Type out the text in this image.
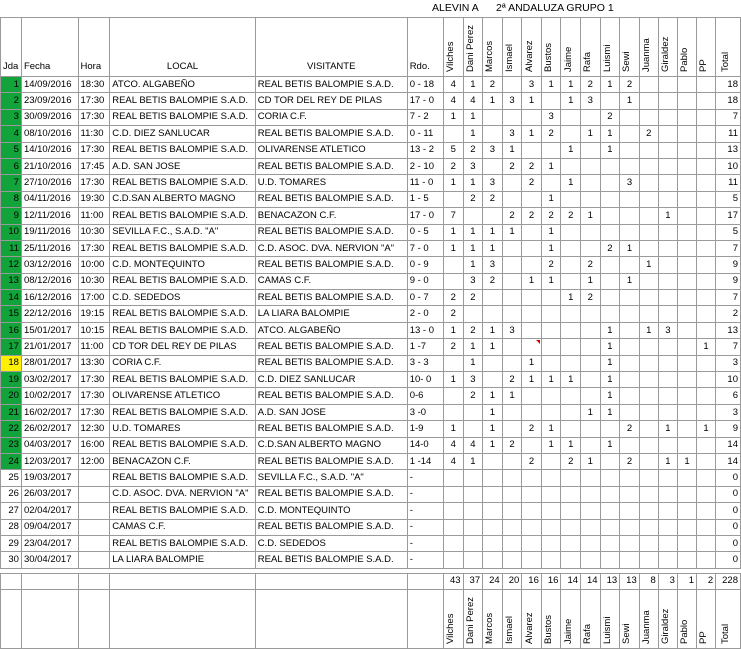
ALEVIN A 2ª ANDALUZA GRUPO 1
Jda	Fecha	Hora	LOCAL	VISITANTE	Rdo.	Vilches	Dani Perez	Marcos	Ismael	Alvarez	Bustos	Jaime	Rafa	Luismi	Sewi	Juanma	Giraldez	Pablo	PP	Total

1	14/09/2016	18:30	ATCO. ALGABEÑO	REAL BETIS BALOMPIE S.A.D.	0 - 18	4	1	2		3	1	1	2	1	2					18
2	23/09/2016	17:30	REAL BETIS BALOMPIE S.A.D.	CD TOR DEL REY DE PILAS	17 - 0	4	4	1	3	1		1	3		1					18
3	30/09/2016	17:30	REAL BETIS BALOMPIE S.A.D.	CORIA C.F.	7 - 2	1	1				3			2						7
4	08/10/2016	11:30	C.D. DIEZ SANLUCAR	REAL BETIS BALOMPIE S.A.D.	0 - 11		1		3	1	2		1	1		2				11
5	14/10/2016	17:30	REAL BETIS BALOMPIE S.A.D.	OLIVARENSE ATLETICO	13 - 2	5	2	3	1			1		1						13
6	21/10/2016	17:45	A.D. SAN JOSE	REAL BETIS BALOMPIE S.A.D.	2 - 10	2	3		2	2	1									10
7	27/10/2016	17:30	REAL BETIS BALOMPIE S.A.D.	U.D. TOMARES	11 - 0	1	1	3		2		1			3					11
8	04/11/2016	19:30	C.D.SAN ALBERTO MAGNO	REAL BETIS BALOMPIE S.A.D.	1 - 5		2	2			1									5
9	12/11/2016	11:00	REAL BETIS BALOMPIE S.A.D.	BENACAZON C.F.	17 - 0	7			2	2	2	2	1				1			17
10	19/11/2016	10:30	SEVILLA F.C., S.A.D. "A"	REAL BETIS BALOMPIE S.A.D.	0 - 5	1	1	1	1		1									5
11	25/11/2016	17:30	REAL BETIS BALOMPIE S.A.D.	C.D. ASOC. DVA. NERVION "A"	7 - 0	1	1	1			1			2	1					7
12	03/12/2016	10:00	C.D. MONTEQUINTO	REAL BETIS BALOMPIE S.A.D.	0 - 9		1	3			2		2			1				9
13	08/12/2016	10:30	REAL BETIS BALOMPIE S.A.D.	CAMAS C.F.	9 - 0		3	2		1	1		1		1					9
14	16/12/2016	17:00	C.D. SEDEDOS	REAL BETIS BALOMPIE S.A.D.	0 - 7	2	2					1	2							7
15	22/12/2016	19:15	REAL BETIS BALOMPIE S.A.D.	LA LIARA BALOMPIE	2 - 0	2														2
16	15/01/2017	10:15	REAL BETIS BALOMPIE S.A.D.	ATCO. ALGABEÑO	13 - 0	1	2	1	3					1		1	3			13
17	21/01/2017	11:00	CD TOR DEL REY DE PILAS	REAL BETIS BALOMPIE S.A.D.	1 -7	2	1	1						1					1	7
18	28/01/2017	13:30	CORIA C.F.	REAL BETIS BALOMPIE S.A.D.	3 - 3		1			1				1						3
19	03/02/2017	17:30	REAL BETIS BALOMPIE S.A.D.	C.D. DIEZ SANLUCAR	10- 0	1	3		2	1	1	1		1						10
20	10/02/2017	17:30	OLIVARENSE ATLETICO	REAL BETIS BALOMPIE S.A.D.	0-6		2	1	1					1						6
21	16/02/2017	17:30	REAL BETIS BALOMPIE S.A.D.	A.D. SAN JOSE	3 -0			1					1	1						3
22	26/02/2017	12:30	U.D. TOMARES	REAL BETIS BALOMPIE S.A.D.	1-9	1		1		2	1				2		1		1	9
23	04/03/2017	16:00	REAL BETIS BALOMPIE S.A.D.	C.D.SAN ALBERTO MAGNO	14-0	4	4	1	2		1	1		1						14
24	12/03/2017	12:00	BENACAZON C.F.	REAL BETIS BALOMPIE S.A.D.	1 -14	4	1			2		2	1		2		1	1		14
25	19/03/2017		REAL BETIS BALOMPIE S.A.D.	SEVILLA F.C., S.A.D. "A"	-															0
26	26/03/2017		C.D. ASOC. DVA. NERVION "A"	REAL BETIS BALOMPIE S.A.D.	-															0
27	02/04/2017		REAL BETIS BALOMPIE S.A.D.	C.D. MONTEQUINTO	-															0
28	09/04/2017		CAMAS C.F.	REAL BETIS BALOMPIE S.A.D.	-															0
29	23/04/2017		REAL BETIS BALOMPIE S.A.D.	C.D. SEDEDOS	-															0
30	30/04/2017		LA LIARA BALOMPIE	REAL BETIS BALOMPIE S.A.D.	-															0

						43	37	24	20	16	16	14	14	13	13	8	3	1	2	228

						Vilches	Dani Perez	Marcos	Ismael	Alvarez	Bustos	Jaime	Rafa	Luismi	Sewi	Juanma	Giraldez	Pablo	PP	Total
